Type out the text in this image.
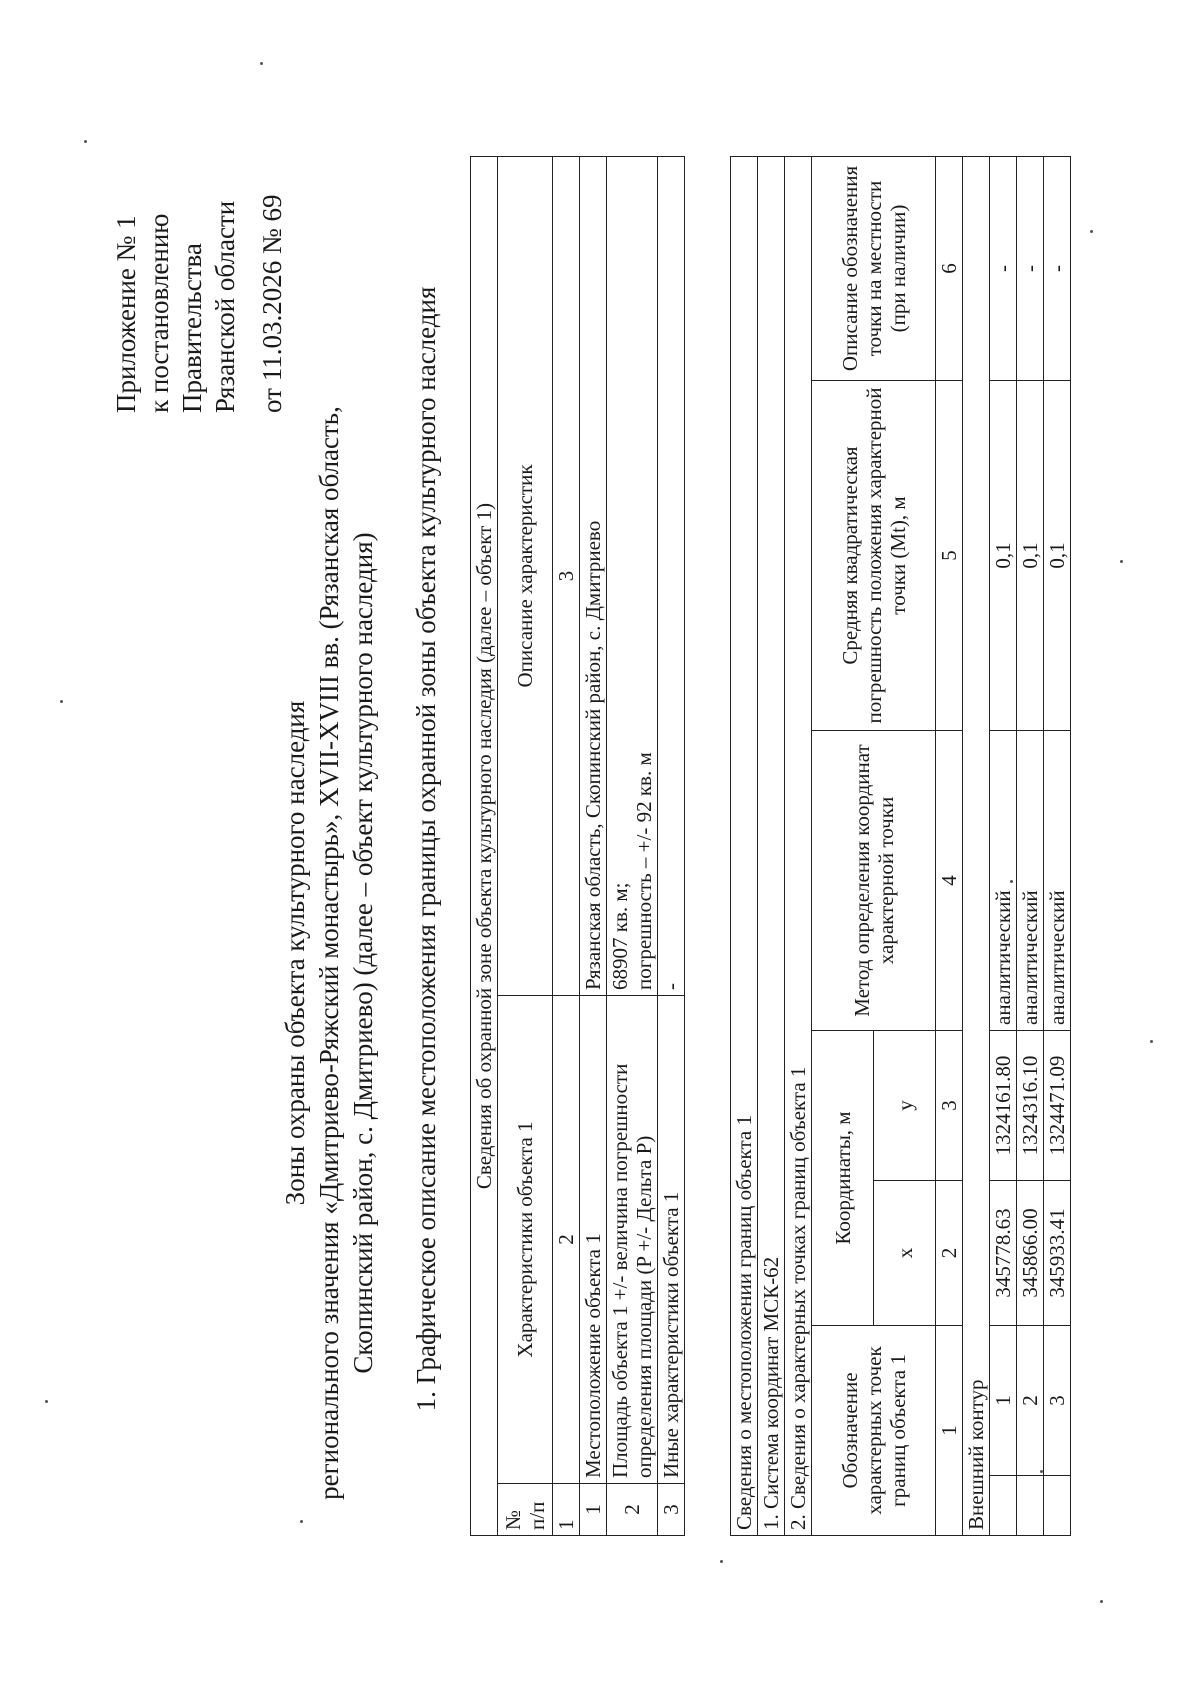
Приложение № 1 к постановлению Правительства Рязанской области от 11.03.2026 № 69
Зоны охраны объекта культурного наследия регионального значения «Дмитриево-Ряжский монастырь», XVII-XVIII вв. (Рязанская область, Скопинский район, с. Дмитриево) (далее – объект культурного наследия) 1. Графическое описание местоположения границы охранной зоны объекта культурного наследия Сведения об охранной зоне объекта культурного наследия (далее – объект 1)		
№ п/п	Характеристики объекта 1	Описание характеристик
1	2	3
1	Местоположение объекта 1	Рязанская область, Скопинский район, с. Дмитриево
2	Площадь объекта 1 +/- величина погрешности определения площади (P +/- Дельта P)	68907 кв. м; погрешность – +/- 92 кв. м

3	Иные характеристики объекта 1	-
Сведения о местоположении границ объекта 1						
1. Система координат МСК-62						
2. Сведения о характерных точках границ объекта 1						
Обозначение характерных точек границ объекта 1		Координаты, м		Метод определения координат характерной точки	Средняя квадратическая погрешность положения характерной точки (Mt), м	Описание обозначения точки на местности (при наличии)
		x	y			
1		2	3	4	5	6
Внешний контур						
	1	345778.63	1324161.80	аналитический	0,1	-
	2	345866.00	1324316.10	аналитический	0,1	-
	3	345933.41	1324471.09	аналитический	0,1	-
